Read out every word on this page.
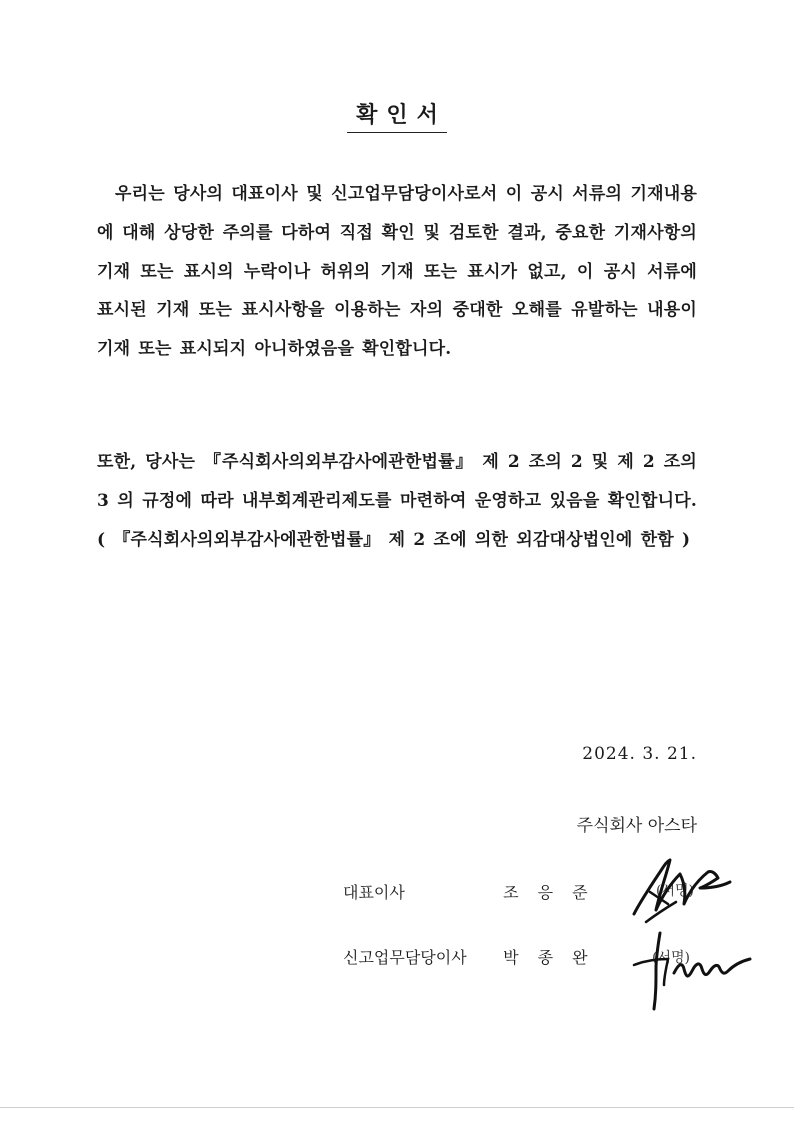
확인서
우리는 당사의 대표이사 및 신고업무담당이사로서 이 공시 서류의 기재내용에 대해 상당한 주의를 다하여 직접 확인 및 검토한 결과, 중요한 기재사항의 기재 또는 표시의 누락이나 허위의 기재 또는 표시가 없고, 이 공시 서류에 표시된 기재 또는 표시사항을 이용하는 자의 중대한 오해를 유발하는 내용이 기재 또는 표시되지 아니하였음을 확인합니다.
또한, 당사는 『주식회사의외부감사에관한법률』 제 2 조의 2 및 제 2 조의 3 의 규정에 따라 내부회계관리제도를 마련하여 운영하고 있음을 확인합니다. ( 『주식회사의외부감사에관한법률』 제 2 조에 의한 외감대상법인에 한함 )
2024. 3. 21.
주식회사 아스타
대표이사	조 응 준	(서명)
신고업무담당이사 박 종 완	(서명)
